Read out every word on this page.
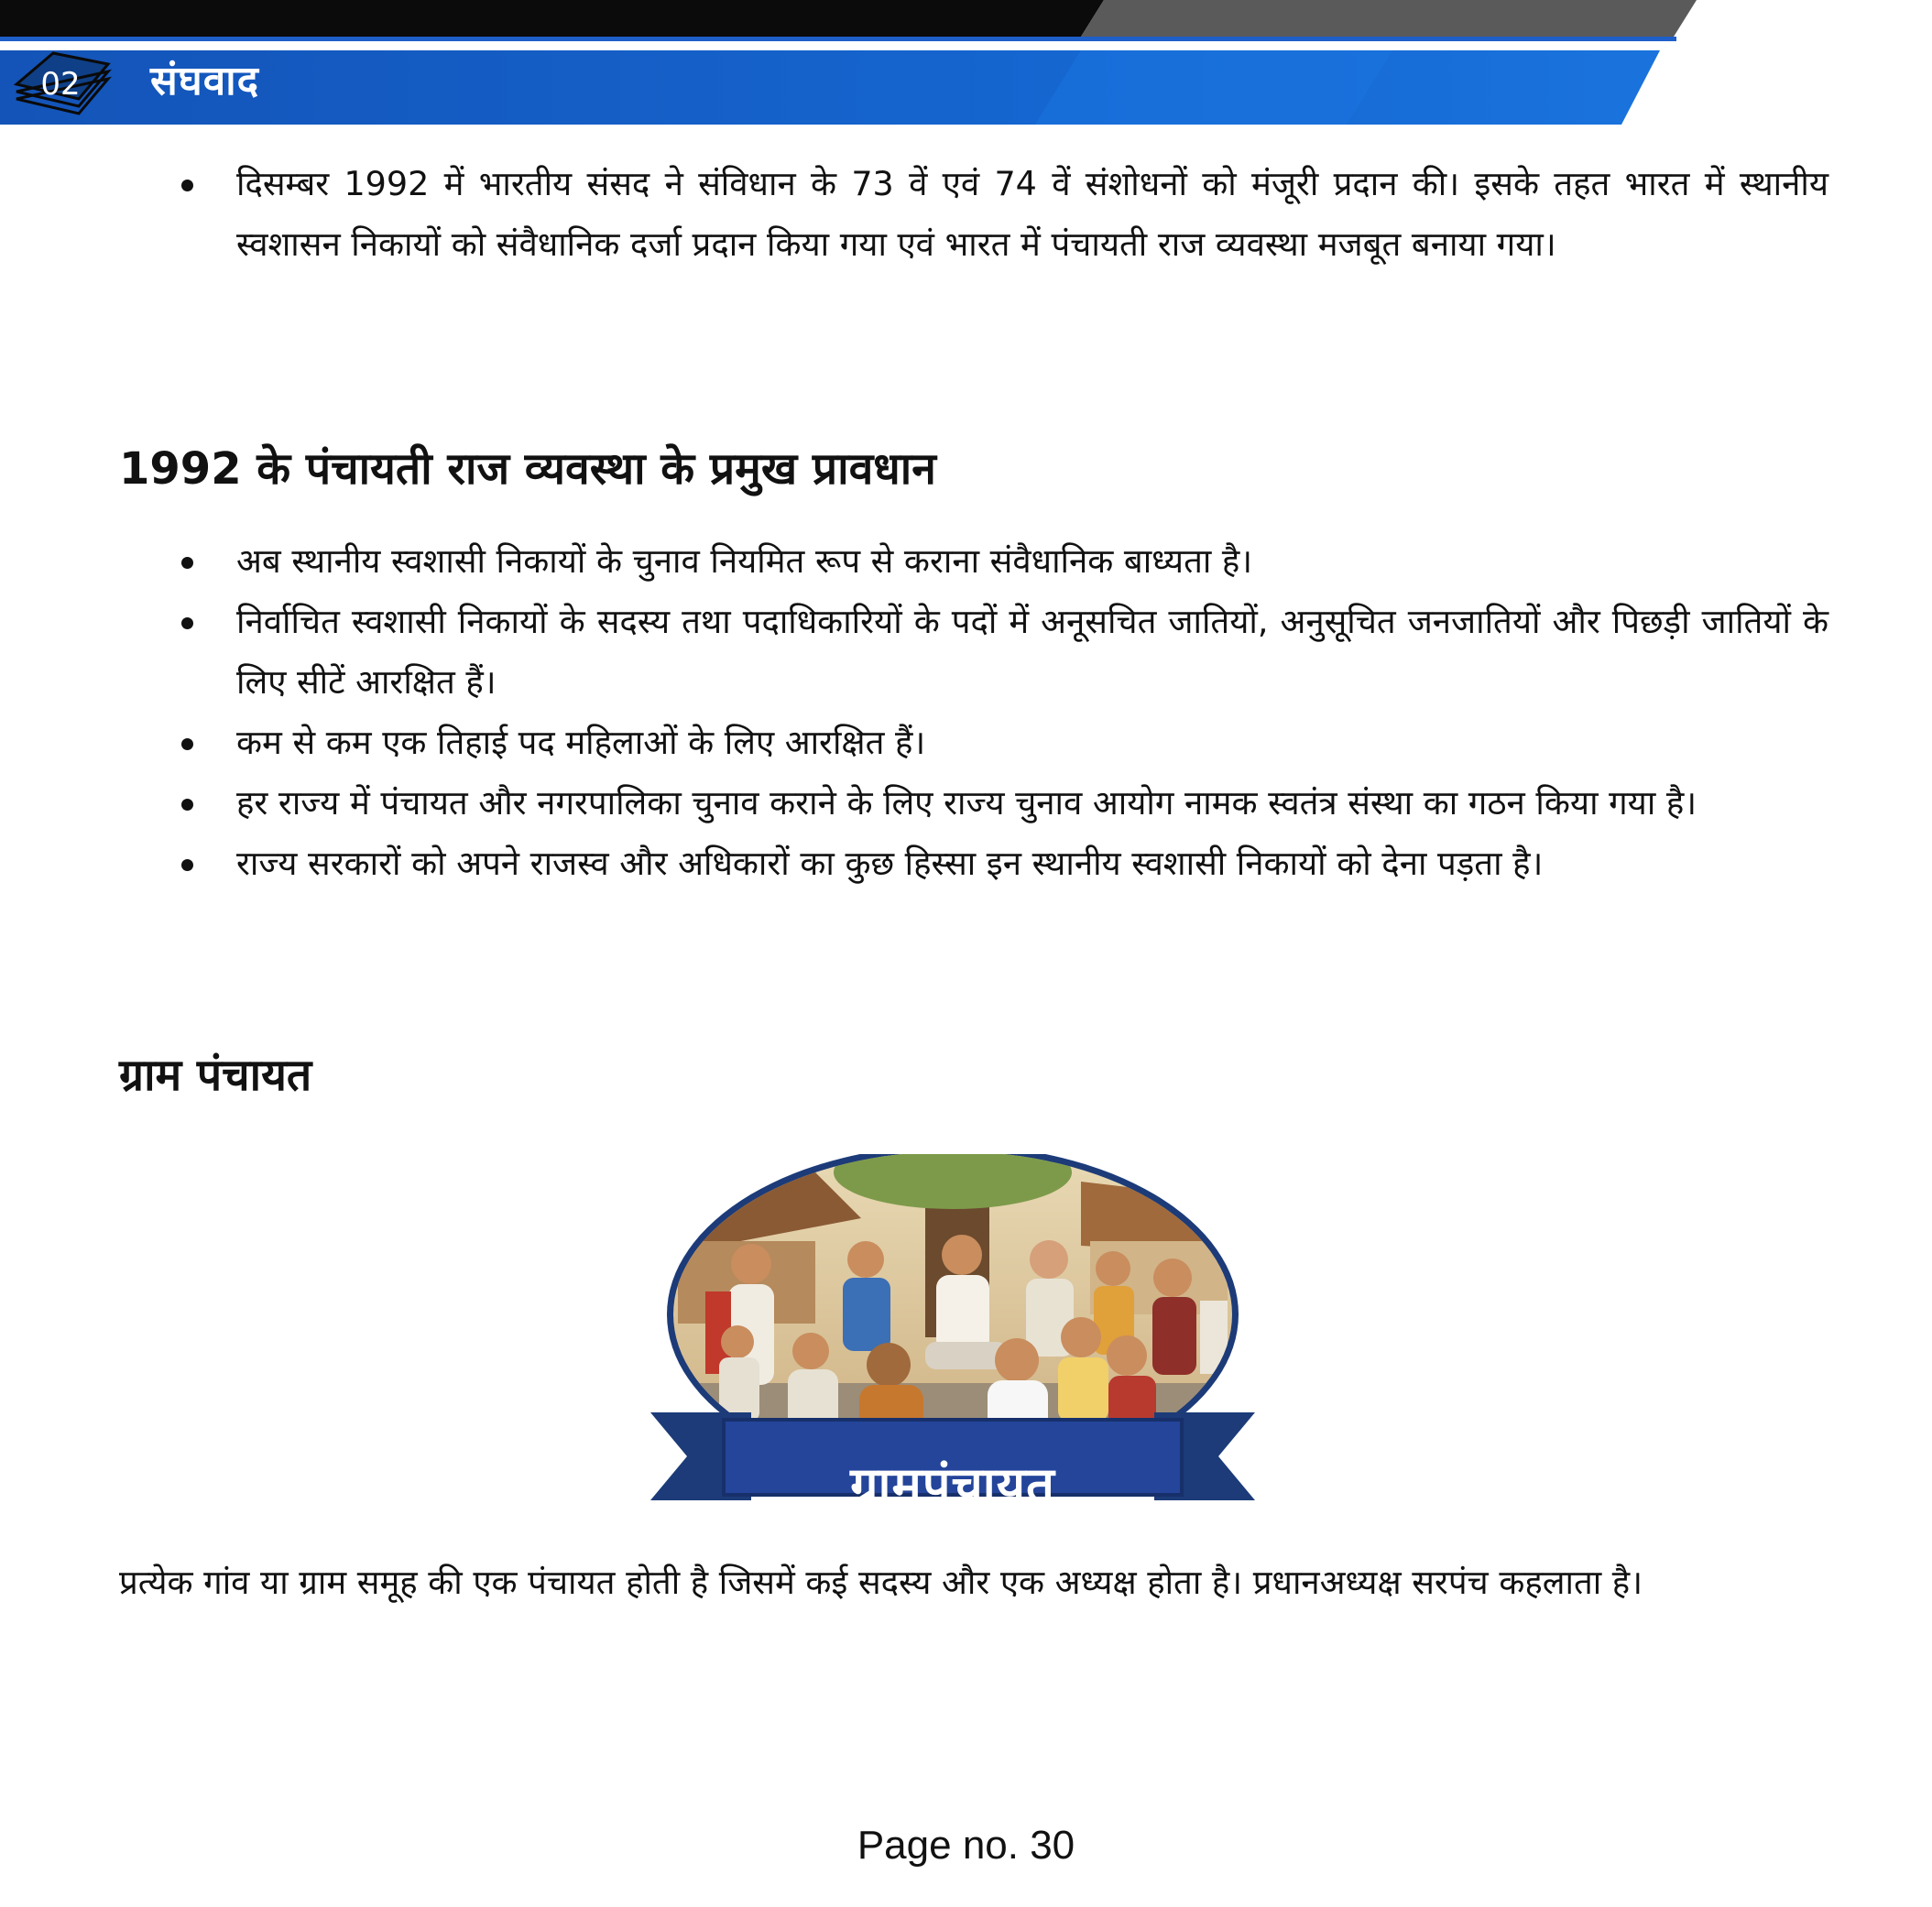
02 संघवाद

दिसम्बर 1992 में भारतीय संसद ने संविधान के 73 वें एवं 74 वें संशोधनों को मंजूरी प्रदान की। इसके तहत भारत में स्थानीय स्वशासन निकायों को संवैधानिक दर्जा प्रदान किया गया एवं भारत में पंचायती राज व्यवस्था मजबूत बनाया गया।

1992 के पंचायती राज व्यवस्था के प्रमुख प्रावधान
अब स्थानीय स्वशासी निकायों के चुनाव नियमित रूप से कराना संवैधानिक बाध्यता है।
निर्वाचित स्वशासी निकायों के सदस्य तथा पदाधिकारियों के पदों में अनूसचित जातियों, अनुसूचित जनजातियों और पिछड़ी जातियों के लिए सीटें आरक्षित हैं।
कम से कम एक तिहाई पद महिलाओं के लिए आरक्षित हैं।
हर राज्य में पंचायत और नगरपालिका चुनाव कराने के लिए राज्य चुनाव आयोग नामक स्वतंत्र संस्था का गठन किया गया है।
राज्य सरकारों को अपने राजस्व और अधिकारों का कुछ हिस्सा इन स्थानीय स्वशासी निकायों को देना पड़ता है।
ग्राम पंचायत
ग्रामपंचायत

प्रत्येक गांव या ग्राम समूह की एक पंचायत होती है जिसमें कई सदस्य और एक अध्यक्ष होता है। प्रधानअध्यक्ष सरपंच कहलाता है।

Page no. 30
